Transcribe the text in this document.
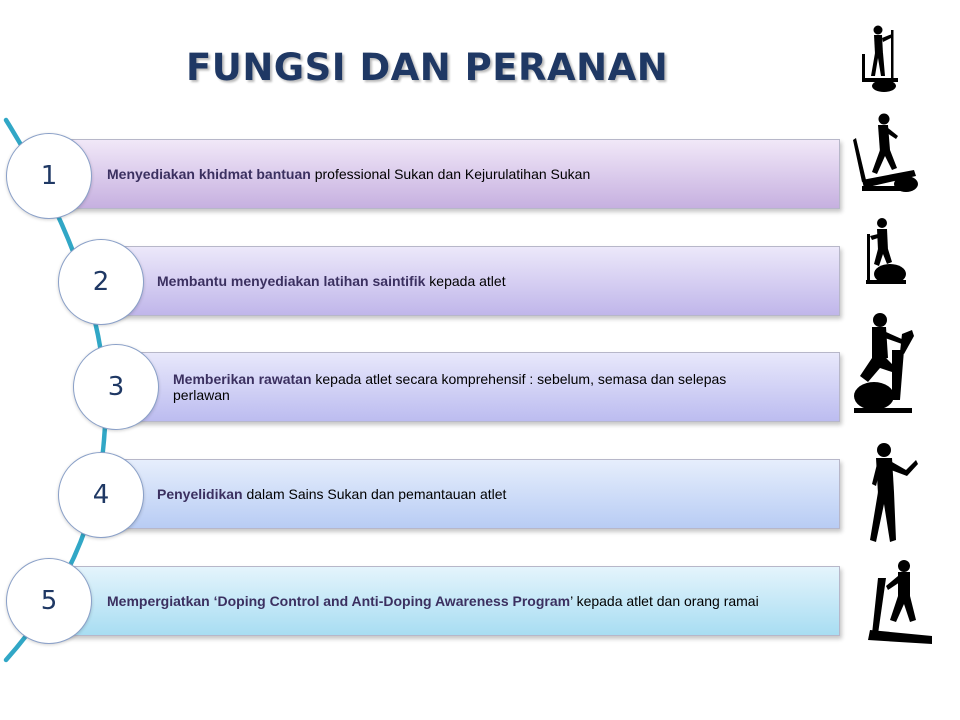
FUNGSI DAN PERANAN
Menyediakan khidmat bantuan professional Sukan dan Kejurulatihan Sukan
1
Membantu menyediakan latihan saintifik kepada atlet
2
Memberikan rawatan kepada atlet secara komprehensif : sebelum, semasa dan selepas perlawan
3
Penyelidikan dalam Sains Sukan dan pemantauan atlet
4
Mempergiatkan ‘Doping Control and Anti-Doping Awareness Program’ kepada atlet dan orang ramai
5
